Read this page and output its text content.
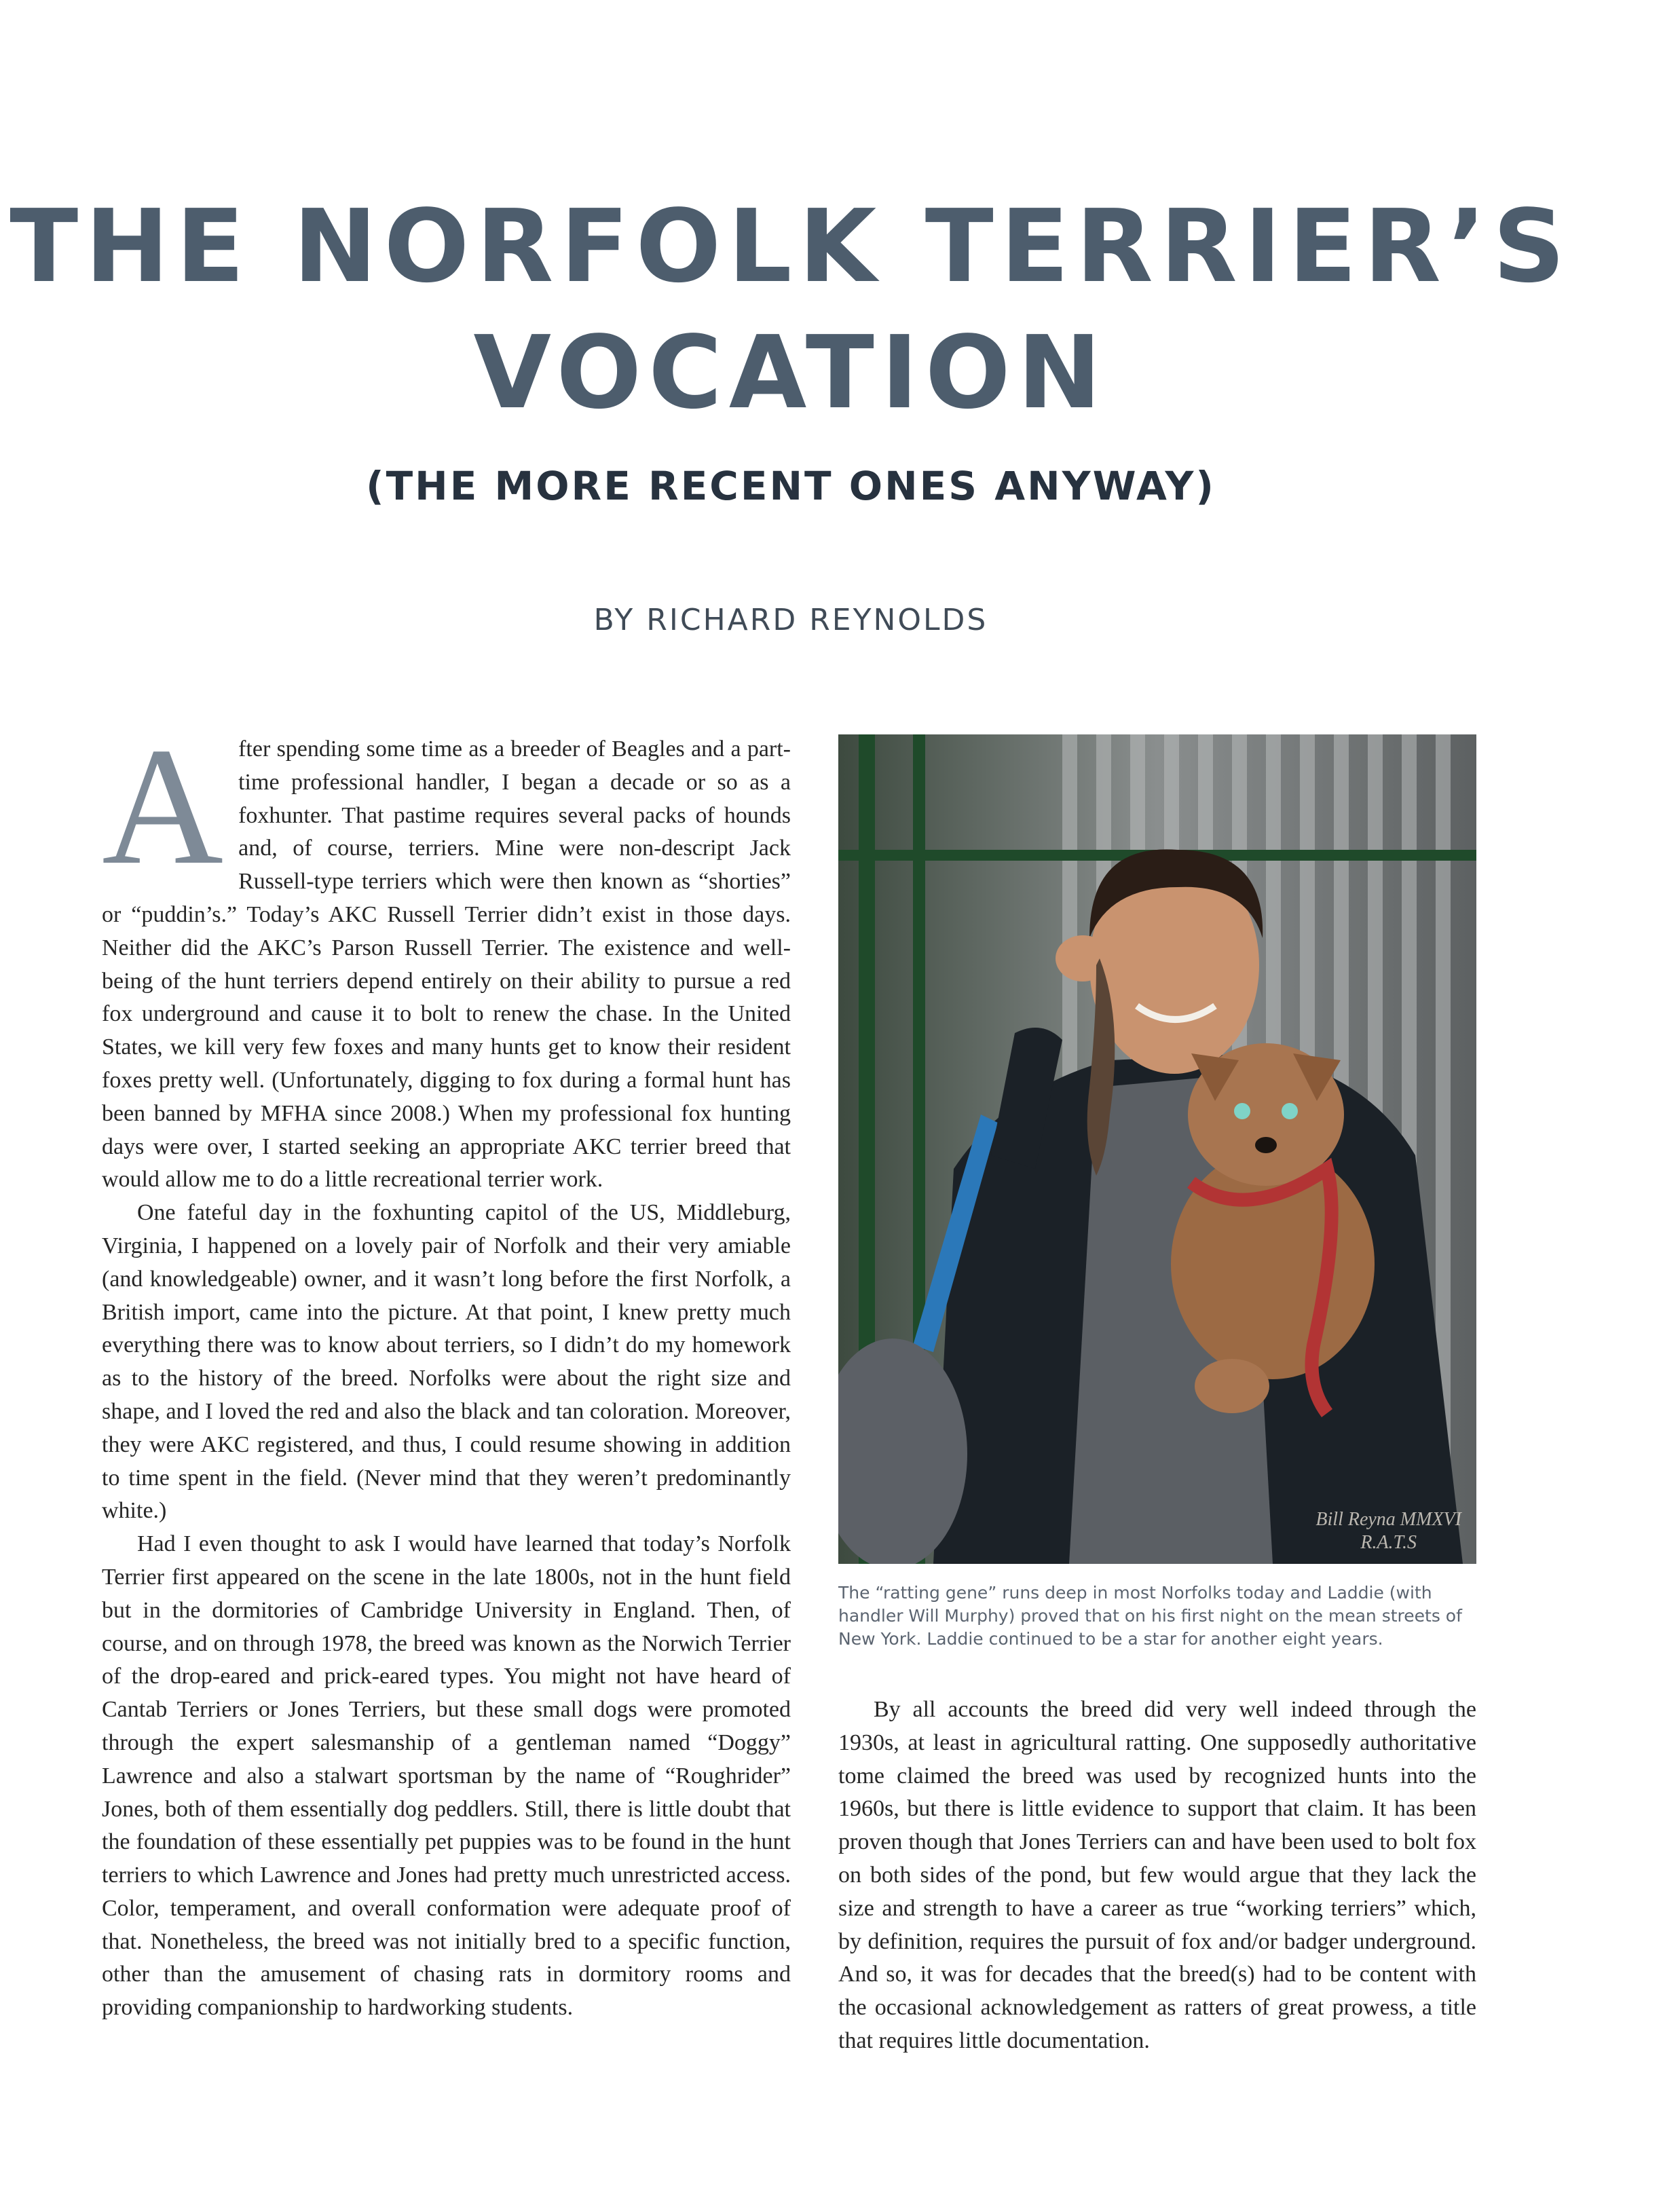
THE NORFOLK TERRIER’S
VOCATION
(THE MORE RECENT ONES ANYWAY)
BY RICHARD REYNOLDS

After spending some time as a breeder of Beagles and a part-time professional handler, I began a decade or so as a foxhunter. That pastime requires several packs of hounds and, of course, terriers. Mine were non-descript Jack Russell-type terriers which were then known as “shorties” or “puddin’s.” Today’s AKC Russell Terrier didn’t exist in those days. Neither did the AKC’s Parson Russell Terrier. The existence and well-being of the hunt terriers depend entirely on their ability to pursue a red fox underground and cause it to bolt to renew the chase. In the United States, we kill very few foxes and many hunts get to know their resident foxes pretty well. (Unfortunately, digging to fox during a formal hunt has been banned by MFHA since 2008.) When my professional fox hunting days were over, I started seeking an appropriate AKC terrier breed that would allow me to do a little recreational terrier work.

One fateful day in the foxhunting capitol of the US, Middleburg, Virginia, I happened on a lovely pair of Norfolk and their very amiable (and knowledgeable) owner, and it wasn’t long before the first Norfolk, a British import, came into the picture. At that point, I knew pretty much everything there was to know about terriers, so I didn’t do my homework as to the history of the breed. Norfolks were about the right size and shape, and I loved the red and also the black and tan coloration. Moreover, they were AKC registered, and thus, I could resume showing in addition to time spent in the field. (Never mind that they weren’t predominantly white.)

Had I even thought to ask I would have learned that today’s Norfolk Terrier first appeared on the scene in the late 1800s, not in the hunt field but in the dormitories of Cambridge University in England. Then, of course, and on through 1978, the breed was known as the Norwich Terrier of the drop-eared and prick-eared types. You might not have heard of Cantab Terriers or Jones Terriers, but these small dogs were promoted through the expert salesmanship of a gentleman named “Doggy” Lawrence and also a stalwart sportsman by the name of “Roughrider” Jones, both of them essentially dog peddlers. Still, there is little doubt that the foundation of these essentially pet puppies was to be found in the hunt terriers to which Lawrence and Jones had pretty much unrestricted access. Color, temperament, and overall conformation were adequate proof of that. Nonetheless, the breed was not initially bred to a specific function, other than the amusement of chasing rats in dormitory rooms and providing companionship to hardworking students.

Bill Reyna MMXVI
R.A.T.S

The “ratting gene” runs deep in most Norfolks today and Laddie (with handler Will Murphy) proved that on his first night on the mean streets of New York. Laddie continued to be a star for another eight years.

By all accounts the breed did very well indeed through the 1930s, at least in agricultural ratting. One supposedly authoritative tome claimed the breed was used by recognized hunts into the 1960s, but there is little evidence to support that claim. It has been proven though that Jones Terriers can and have been used to bolt fox on both sides of the pond, but few would argue that they lack the size and strength to have a career as true “working terriers” which, by definition, requires the pursuit of fox and/or badger underground. And so, it was for decades that the breed(s) had to be content with the occasional acknowledgement as ratters of great prowess, a title that requires little documentation.
